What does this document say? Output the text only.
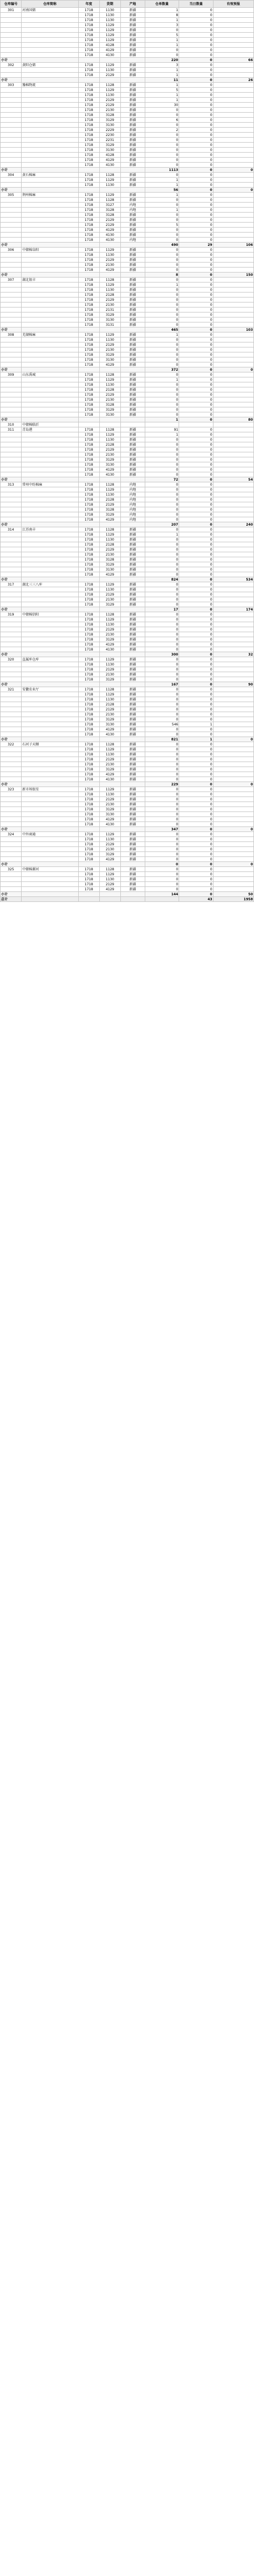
仓库编号	仓库简称	年度	货期	产地	仓单数量	当日数量	有效预报
301	河南国储	1718	1130	新疆	1	0	
		1718	1130	新疆	8	0	
		1718	1130	新疆	1	0	
		1718	1129	新疆	3	0	
		1718	1129	新疆	0	0	
		1718	1129	新疆	5	0	
		1718	1129	新疆	1	0	
		1718	4128	新疆	1	0	
		1718	4129	新疆	0	0	
		1718	4130	新疆	0	0	
小计					220	0	66
302	黄阳仓储	1718	1129	新疆	3	0	
		1718	1130	新疆	1	0	
		1718	2129	新疆	1	0	
小计					11	0	26
303	豫棉物流	1718	1128	新疆	1	0	
		1718	1129	新疆	5	0	
		1718	1130	新疆	1	0	
		1718	2129	新疆	1	0	
		1718	2129	新疆	30	0	
		1718	2130	新疆	0	0	
		1718	3128	新疆	0	0	
		1718	3129	新疆	6	0	
		1718	3130	新疆	0	0	
		1718	2229	新疆	2	0	
		1718	2230	新疆	0	0	
		1718	2231	新疆	0	0	
		1718	3129	新疆	0	0	
		1718	3130	新疆	0	0	
		1718	4128	新疆	0	0	
		1718	4129	新疆	0	0	
		1718	4130	新疆	0	0	
小计					1113	0	0
304	黄石棉麻	1718	1128	新疆	0	0	
		1718	1129	新疆	1	0	
		1718	1130	新疆	1	0	
小计					56	0	0
305	荆州棉麻	1718	1129	新疆	1	0	
		1718	1128	新疆	0	0	
		1718	3127	内地	0	0	
		1718	3128	内地	1	0	
		1718	3128	新疆	0	0	
		1718	2129	新疆	0	0	
		1718	2129	新疆	5	0	
		1718	4129	新疆	0	0	
		1718	4130	新疆	0	0	
		1718	4130	内地	0	0	
小计					490	29	106
306	中储棉阜阳	1718	1129	新疆	0	0	
		1718	1130	新疆	0	0	
		1718	2129	新疆	0	0	
		1718	2130	新疆	0	0	
		1718	4129	新疆	0	0	
小计					8	0	150
307	湖北银丰	1718	1128	新疆	0	0	
		1718	1129	新疆	1	0	
		1718	1130	新疆	0	0	
		1718	2128	新疆	0	0	
		1718	2129	新疆	0	0	
		1718	2130	新疆	0	0	
		1718	2131	新疆	0	0	
		1718	3129	新疆	0	0	
		1718	3130	新疆	0	0	
		1718	3131	新疆	0	0	
小计					465	0	103
308	芜湖棉麻	1718	1129	新疆	1	0	
		1718	1130	新疆	0	0	
		1718	2129	新疆	0	0	
		1718	2130	新疆	0	0	
		1718	3129	新疆	0	0	
		1718	3130	新疆	0	0	
		1718	4129	新疆	0	0	
小计					372	0	0
309	山东禹城	1718	1128	新疆	0	0	
		1718	1129	新疆	1	0	
		1718	1130	新疆	0	0	
		1718	2128	新疆	0	0	
		1718	2129	新疆	0	0	
		1718	2130	新疆	0	0	
		1718	3128	新疆	0	0	
		1718	3129	新疆	0	0	
		1718	3130	新疆	0	0	
小计					1	0	80
310	中储棉临沂						
311	青岛港	1718	1128	新疆	91	0	
		1718	1129	新疆	1	0	
		1718	1130	新疆	0	0	
		1718	2128	新疆	0	0	
		1718	2129	新疆	0	0	
		1718	2130	新疆	0	0	
		1718	3129	新疆	0	0	
		1718	3130	新疆	0	0	
		1718	4129	新疆	0	0	
		1718	4130	新疆	0	0	
小计					72	0	54
313	常州中纺棉麻	1718	1128	内地	0	0	
		1718	1129	内地	0	0	
		1718	1130	内地	0	0	
		1718	2128	内地	0	0	
		1718	2129	内地	0	0	
		1718	3128	内地	0	0	
		1718	3129	内地	0	0	
		1718	4129	内地	0	0	
小计					207	0	240
314	江苏南丰	1718	1128	新疆	0	0	
		1718	1129	新疆	1	0	
		1718	1130	新疆	0	0	
		1718	2128	新疆	0	0	
		1718	2129	新疆	0	0	
		1718	2130	新疆	0	0	
		1718	3128	新疆	0	0	
		1718	3129	新疆	0	0	
		1718	3130	新疆	0	0	
		1718	4129	新疆	0	0	
小计					824	0	534
317	湖北三三八库	1718	1129	新疆	0	0	
		1718	1130	新疆	0	0	
		1718	2129	新疆	0	0	
		1718	2130	新疆	0	0	
		1718	3129	新疆	0	0	
小计					17	0	174
319	中储棉信阳	1718	1128	新疆	0	0	
		1718	1129	新疆	0	0	
		1718	1130	新疆	0	0	
		1718	2129	新疆	0	0	
		1718	2130	新疆	0	0	
		1718	3129	新疆	0	0	
		1718	4129	新疆	0	0	
		1718	4130	新疆	0	0	
小计					300	0	32
320	直属库仓库	1718	1129	新疆	0	0	
		1718	1130	新疆	0	0	
		1718	2129	新疆	0	0	
		1718	2130	新疆	0	0	
		1718	3129	新疆	0	0	
小计					167	0	90
321	安徽农业厅	1718	1128	新疆	0	0	
		1718	1129	新疆	0	0	
		1718	1130	新疆	0	0	
		1718	2128	新疆	0	0	
		1718	2129	新疆	0	0	
		1718	2130	新疆	0	0	
		1718	3129	新疆	0	0	
		1718	3130	新疆	546	1	
		1718	4129	新疆	0	0	
		1718	4130	新疆	0	0	
小计					821	1	0
322	石河子天顺	1718	1128	新疆	0	0	
		1718	1129	新疆	0	0	
		1718	1130	新疆	0	0	
		1718	2129	新疆	0	0	
		1718	2130	新疆	0	0	
		1718	3129	新疆	0	0	
		1718	4129	新疆	0	0	
		1718	4130	新疆	0	0	
小计					229	0	0
323	新市场银星	1718	1129	新疆	0	0	
		1718	1130	新疆	0	0	
		1718	2129	新疆	0	0	
		1718	2130	新疆	0	0	
		1718	3129	新疆	0	0	
		1718	3130	新疆	0	0	
		1718	4129	新疆	0	0	
		1718	4130	新疆	0	0	
小计					347	0	0
324	中外商通	1718	1129	新疆	0	0	
		1718	1130	新疆	0	0	
		1718	2129	新疆	0	0	
		1718	2130	新疆	0	0	
		1718	3129	新疆	0	0	
		1718	4129	新疆	0	0	
小计					0	0	0
325	中储棉漯河	1718	1128	新疆	0	0	
		1718	1129	新疆	0	0	
		1718	1130	新疆	0	0	
		1718	2129	新疆	0	0	
		1718	4129	新疆	0	0	
小计					144	0	50
总计						43	1958
